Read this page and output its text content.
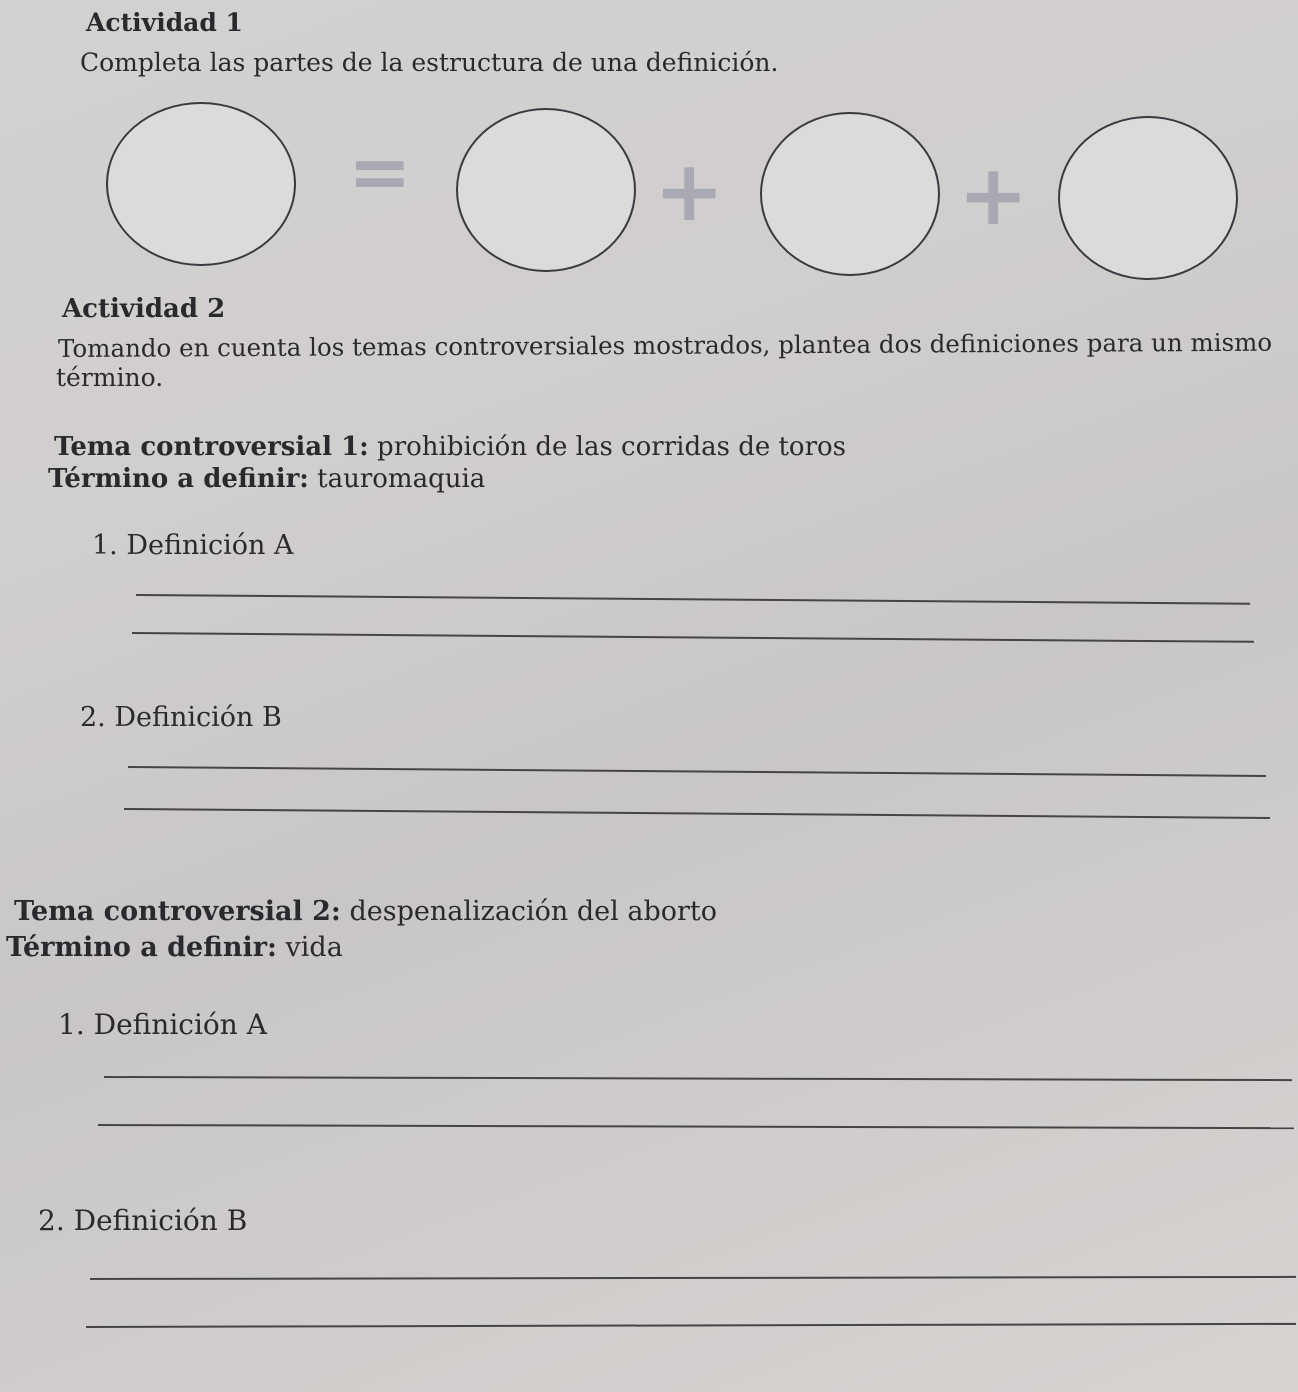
Actividad 1
Completa las partes de la estructura de una definición.
=	+	+
Actividad 2
Tomando en cuenta los temas controversiales mostrados, plantea dos definiciones para un mismo
término.
Tema controversial 1: prohibición de las corridas de toros
Término a definir: tauromaquia
1. Definición A
2. Definición B
Tema controversial 2: despenalización del aborto
Término a definir: vida
1. Definición A
2. Definición B
